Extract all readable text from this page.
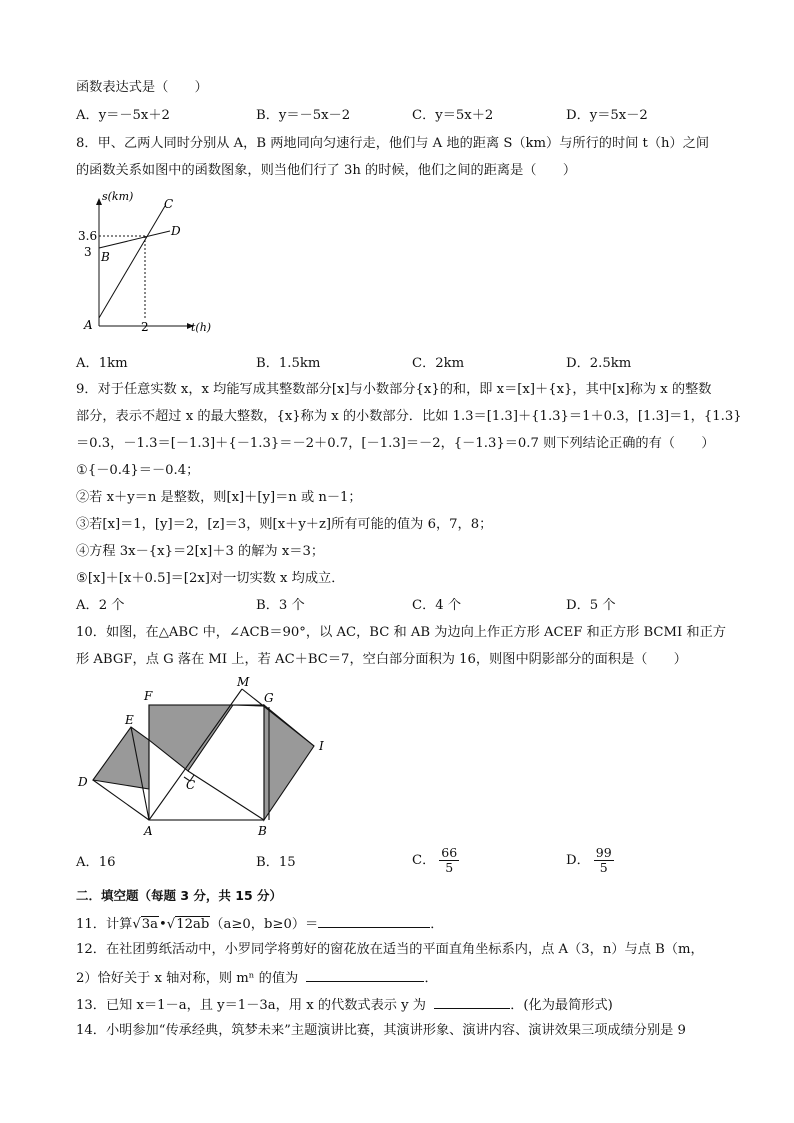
函数表达式是（　　）
A．y＝－5x＋2	B．y＝－5x－2	C．y＝5x＋2	D．y＝5x－2
8．甲、乙两人同时分别从 A，B 两地同向匀速行走，他们与 A 地的距离 S（km）与所行的时间 t（h）之间
的函数关系如图中的函数图象，则当他们行了 3h 的时候，他们之间的距离是（　　）
s(km)
t(h)
3.6
3
2
A
B
C
D
A．1km	B．1.5km	C．2km	D．2.5km
9．对于任意实数 x，x 均能写成其整数部分[x]与小数部分{x}的和，即 x＝[x]＋{x}，其中[x]称为 x 的整数
部分，表示不超过 x 的最大整数，{x}称为 x 的小数部分．比如 1.3＝[1.3]＋{1.3}＝1＋0.3，[1.3]＝1，{1.3}
＝0.3，－1.3＝[－1.3]＋{－1.3}＝－2＋0.7，[－1.3]＝－2，{－1.3}＝0.7 则下列结论正确的有（　　）
①{－0.4}＝－0.4；
②若 x＋y＝n 是整数，则[x]＋[y]＝n 或 n－1；
③若[x]＝1，[y]＝2，[z]＝3，则[x＋y＋z]所有可能的值为 6，7，8；
④方程 3x－{x}＝2[x]＋3 的解为 x＝3；
⑤[x]＋[x＋0.5]＝[2x]对一切实数 x 均成立．
A．2 个	B．3 个	C．4 个	D．5 个
10．如图，在△ABC 中，∠ACB＝90°，以 AC，BC 和 AB 为边向上作正方形 ACEF 和正方形 BCMI 和正方
形 ABGF，点 G 落在 MI 上，若 AC＋BC＝7，空白部分面积为 16，则图中阴影部分的面积是（　　）
F
M
G
E
I
D	C
A	B
A．16	B．15	C． $\frac{66}{5}$	D． $\frac{99}{5}$
二．填空题（每题 3 分，共 15 分）
11．计算√3a•√12ab（a≥0，b≥0）＝	．
12．在社团剪纸活动中，小罗同学将剪好的窗花放在适当的平面直角坐标系内，点 A（3，n）与点 B（m，
2）恰好关于 x 轴对称，则 mⁿ 的值为	．
13．已知 x＝1－a，且 y＝1－3a，用 x 的代数式表示 y 为	．(化为最简形式)
14．小明参加“传承经典，筑梦未来”主题演讲比赛，其演讲形象、演讲内容、演讲效果三项成绩分别是 9
